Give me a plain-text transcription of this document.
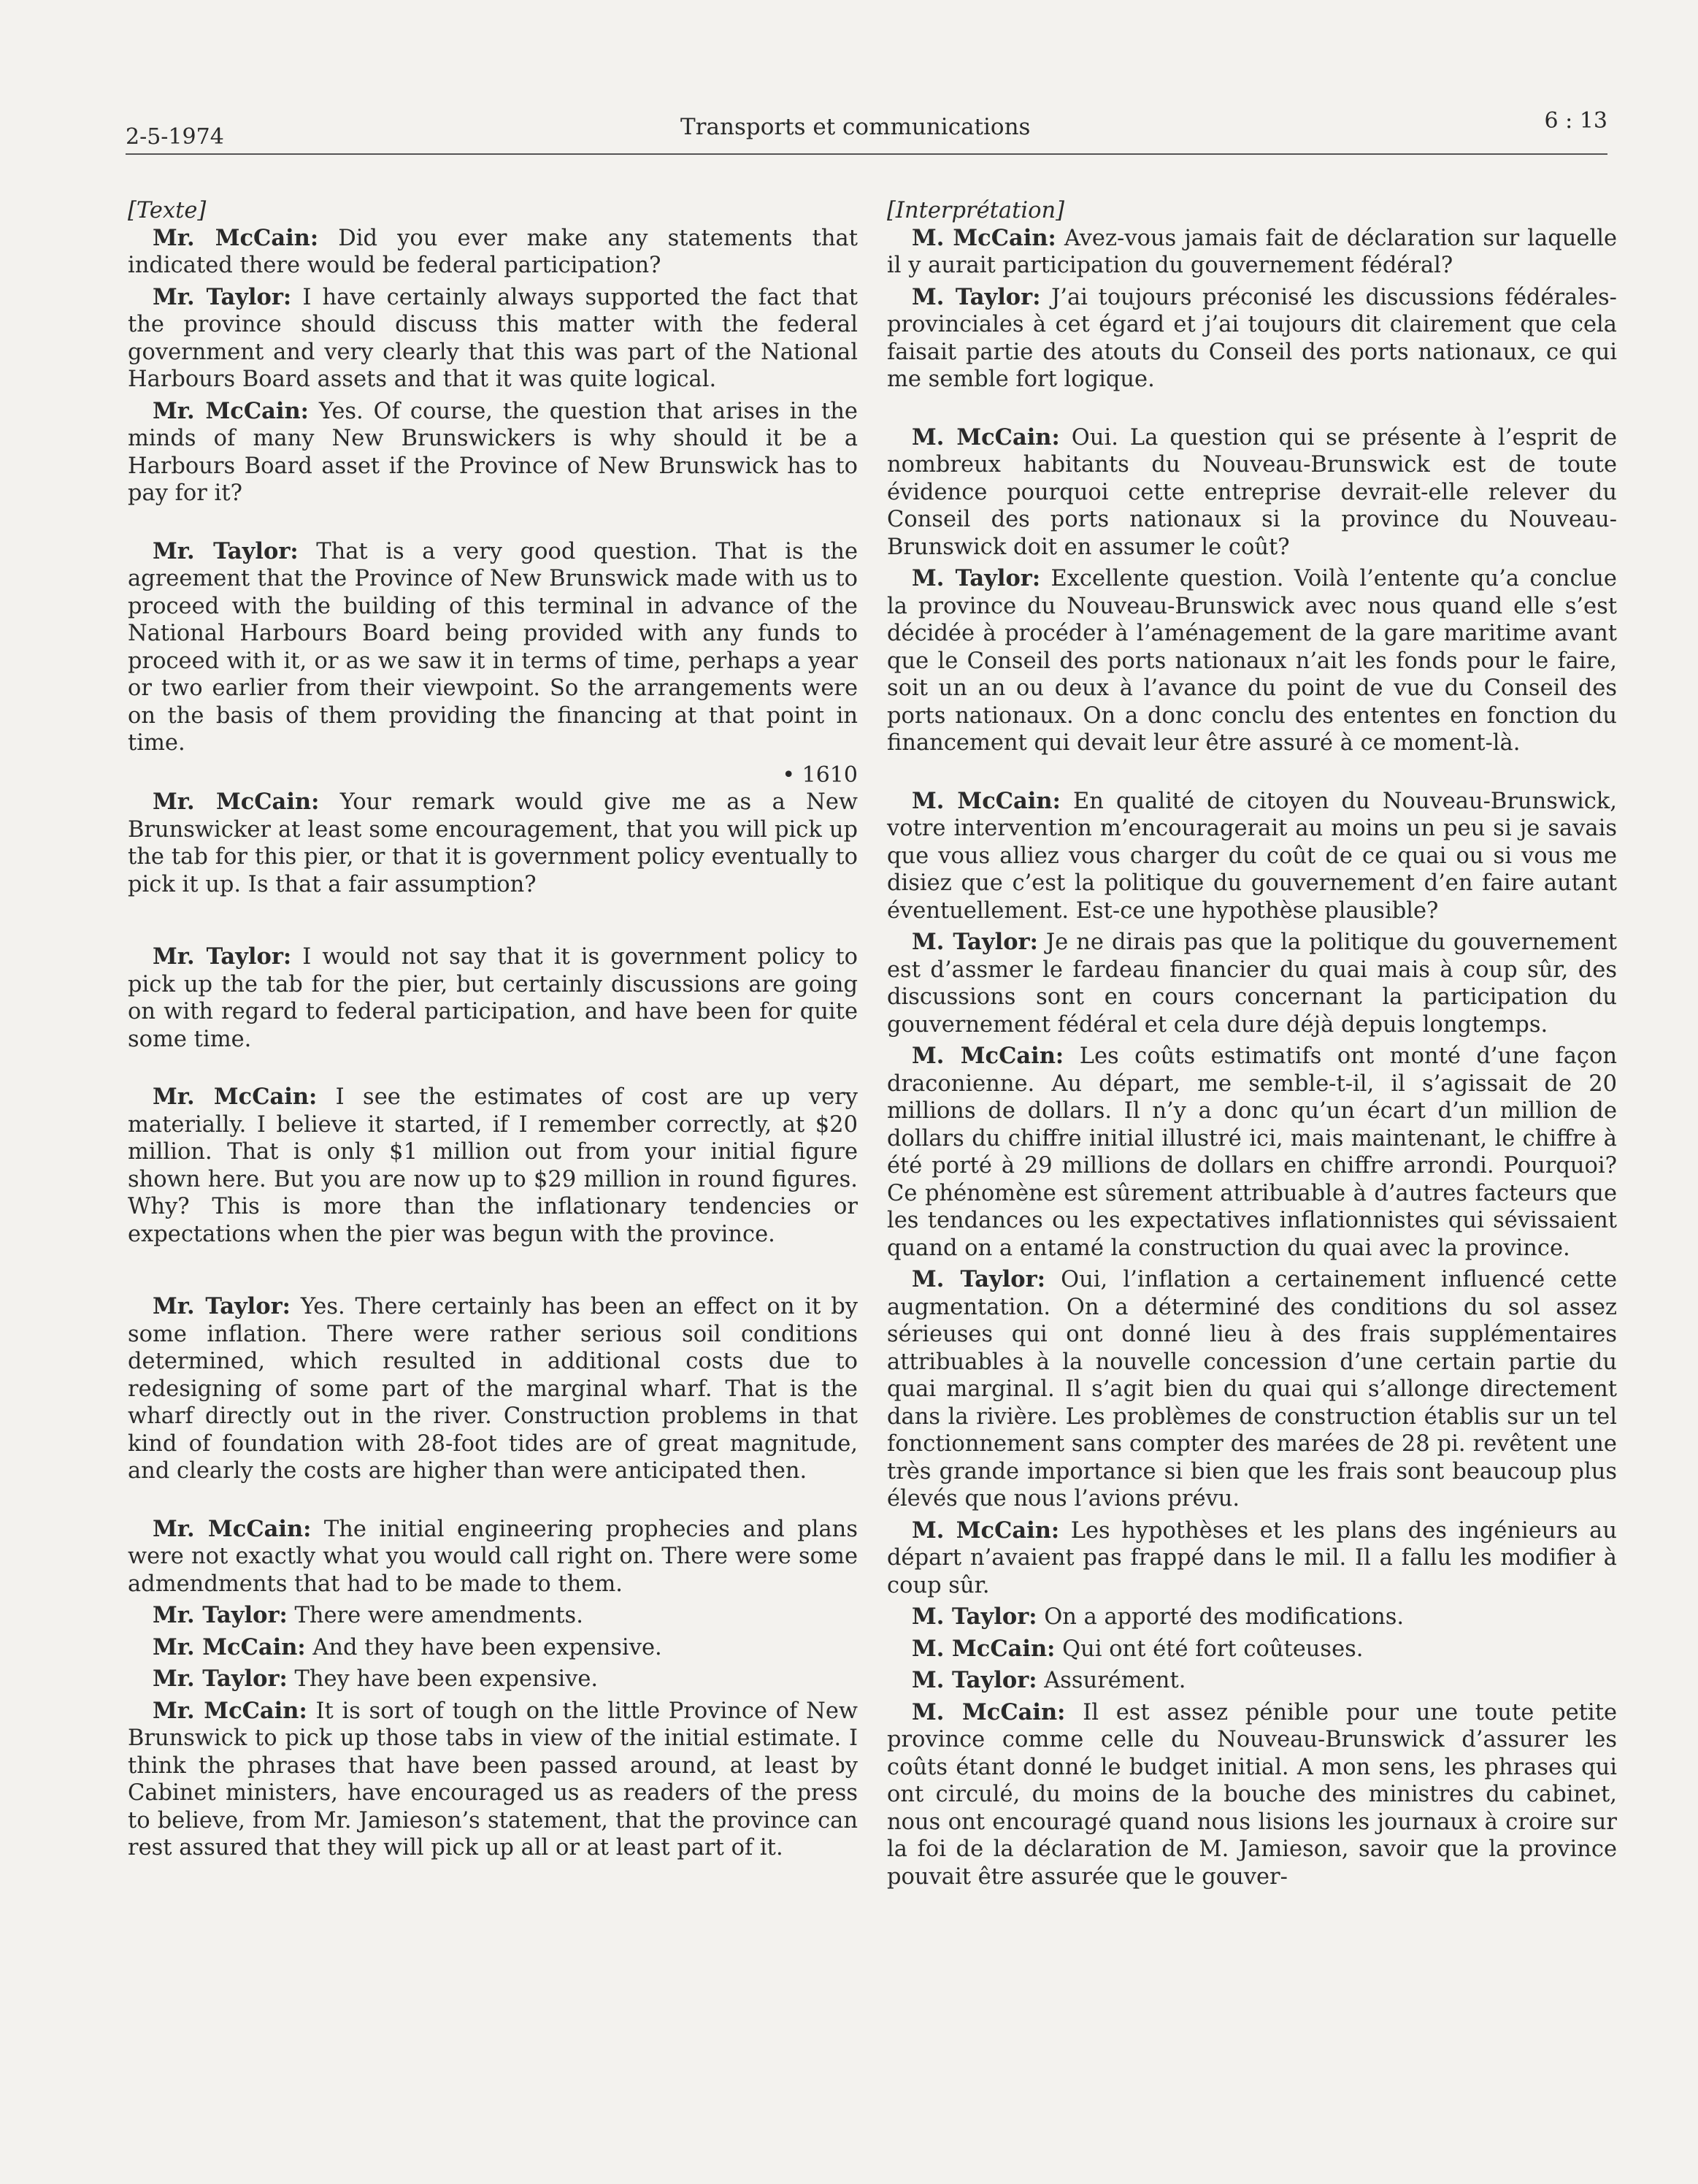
2-5-1974	Transports et communications	6 : 13

[Texte]

Mr. McCain: Did you ever make any statements that indicated there would be federal participation?

Mr. Taylor: I have certainly always supported the fact that the province should discuss this matter with the federal government and very clearly that this was part of the National Harbours Board assets and that it was quite logical.

Mr. McCain: Yes. Of course, the question that arises in the minds of many New Brunswickers is why should it be a Harbours Board asset if the Province of New Brunswick has to pay for it?

Mr. Taylor: That is a very good question. That is the agreement that the Province of New Brunswick made with us to proceed with the building of this terminal in advance of the National Harbours Board being provided with any funds to proceed with it, or as we saw it in terms of time, perhaps a year or two earlier from their viewpoint. So the arrangements were on the basis of them providing the financing at that point in time.

• 1610

Mr. McCain: Your remark would give me as a New Brunswicker at least some encouragement, that you will pick up the tab for this pier, or that it is government policy eventually to pick it up. Is that a fair assumption?

Mr. Taylor: I would not say that it is government policy to pick up the tab for the pier, but certainly discussions are going on with regard to federal participation, and have been for quite some time.

Mr. McCain: I see the estimates of cost are up very materially. I believe it started, if I remember correctly, at $20 million. That is only $1 million out from your initial figure shown here. But you are now up to $29 million in round figures. Why? This is more than the inflationary tendencies or expectations when the pier was begun with the province.

Mr. Taylor: Yes. There certainly has been an effect on it by some inflation. There were rather serious soil conditions determined, which resulted in additional costs due to redesigning of some part of the marginal wharf. That is the wharf directly out in the river. Construction problems in that kind of foundation with 28-foot tides are of great magnitude, and clearly the costs are higher than were anticipated then.

Mr. McCain: The initial engineering prophecies and plans were not exactly what you would call right on. There were some admendments that had to be made to them.

Mr. Taylor: There were amendments.

Mr. McCain: And they have been expensive.

Mr. Taylor: They have been expensive.

Mr. McCain: It is sort of tough on the little Province of New Brunswick to pick up those tabs in view of the initial estimate. I think the phrases that have been passed around, at least by Cabinet ministers, have encouraged us as readers of the press to believe, from Mr. Jamieson’s statement, that the province can rest assured that they will pick up all or at least part of it.

[Interprétation]

M. McCain: Avez-vous jamais fait de déclaration sur laquelle il y aurait participation du gouvernement fédéral?

M. Taylor: J’ai toujours préconisé les discussions fédérales-provinciales à cet égard et j’ai toujours dit clairement que cela faisait partie des atouts du Conseil des ports nationaux, ce qui me semble fort logique.

M. McCain: Oui. La question qui se présente à l’esprit de nombreux habitants du Nouveau-Brunswick est de toute évidence pourquoi cette entreprise devrait-elle relever du Conseil des ports nationaux si la province du Nouveau-Brunswick doit en assumer le coût?

M. Taylor: Excellente question. Voilà l’entente qu’a conclue la province du Nouveau-Brunswick avec nous quand elle s’est décidée à procéder à l’aménagement de la gare maritime avant que le Conseil des ports nationaux n’ait les fonds pour le faire, soit un an ou deux à l’avance du point de vue du Conseil des ports nationaux. On a donc conclu des ententes en fonction du financement qui devait leur être assuré à ce moment-là.

M. McCain: En qualité de citoyen du Nouveau-Brunswick, votre intervention m’encouragerait au moins un peu si je savais que vous alliez vous charger du coût de ce quai ou si vous me disiez que c’est la politique du gouvernement d’en faire autant éventuellement. Est-ce une hypothèse plausible?

M. Taylor: Je ne dirais pas que la politique du gouvernement est d’assmer le fardeau financier du quai mais à coup sûr, des discussions sont en cours concernant la participation du gouvernement fédéral et cela dure déjà depuis longtemps.

M. McCain: Les coûts estimatifs ont monté d’une façon draconienne. Au départ, me semble-t-il, il s’agissait de 20 millions de dollars. Il n’y a donc qu’un écart d’un million de dollars du chiffre initial illustré ici, mais maintenant, le chiffre à été porté à 29 millions de dollars en chiffre arrondi. Pourquoi? Ce phénomène est sûrement attribuable à d’autres facteurs que les tendances ou les expectatives inflationnistes qui sévissaient quand on a entamé la construction du quai avec la province.

M. Taylor: Oui, l’inflation a certainement influencé cette augmentation. On a déterminé des conditions du sol assez sérieuses qui ont donné lieu à des frais supplémentaires attribuables à la nouvelle concession d’une certain partie du quai marginal. Il s’agit bien du quai qui s’allonge directement dans la rivière. Les problèmes de construction établis sur un tel fonctionnement sans compter des marées de 28 pi. revêtent une très grande importance si bien que les frais sont beaucoup plus élevés que nous l’avions prévu.

M. McCain: Les hypothèses et les plans des ingénieurs au départ n’avaient pas frappé dans le mil. Il a fallu les modifier à coup sûr.

M. Taylor: On a apporté des modifications.

M. McCain: Qui ont été fort coûteuses.

M. Taylor: Assurément.

M. McCain: Il est assez pénible pour une toute petite province comme celle du Nouveau-Brunswick d’assurer les coûts étant donné le budget initial. A mon sens, les phrases qui ont circulé, du moins de la bouche des ministres du cabinet, nous ont encouragé quand nous lisions les journaux à croire sur la foi de la déclaration de M. Jamieson, savoir que la province pouvait être assurée que le gouver-
